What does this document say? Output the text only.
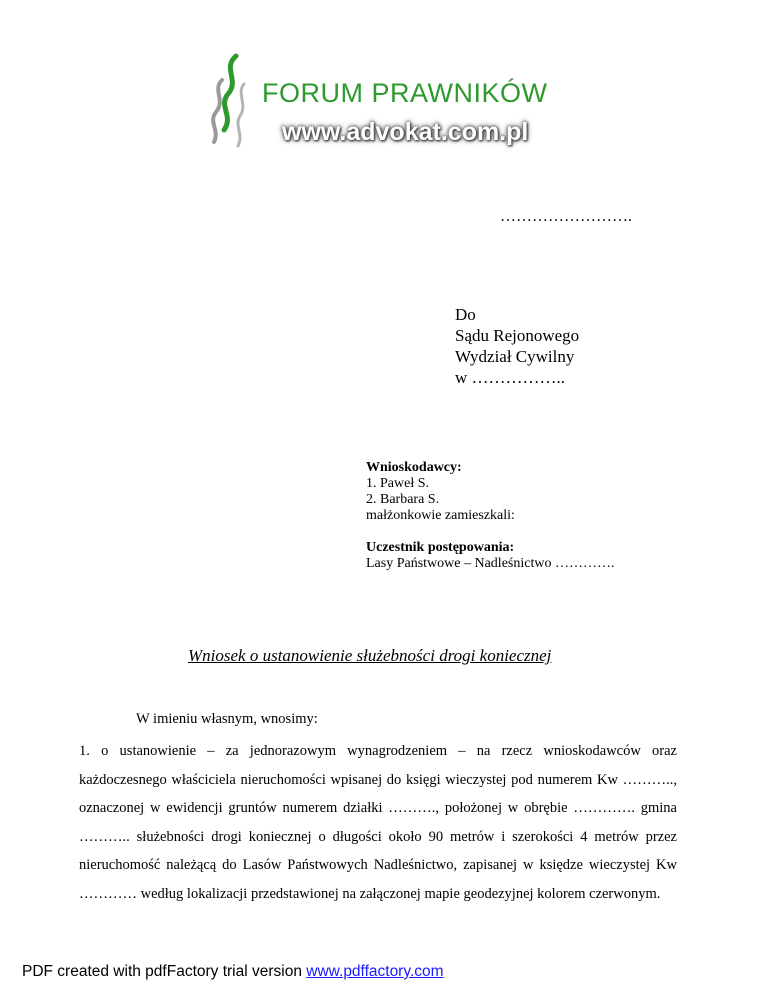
FORUM PRAWNIKÓW
www.advokat.com.pl
…………………….
Do
Sądu Rejonowego
Wydział Cywilny
w ……………..
Wnioskodawcy:
1. Paweł S.
2. Barbara S.
małżonkowie zamieszkali:
Uczestnik postępowania:
Lasy Państwowe – Nadleśnictwo ………….
Wniosek o ustanowienie służebności drogi koniecznej
W imieniu własnym, wnosimy:
1. o ustanowienie – za jednorazowym wynagrodzeniem – na rzecz wnioskodawców oraz każdoczesnego właściciela nieruchomości wpisanej do księgi wieczystej pod numerem Kw ……….., oznaczonej w ewidencji gruntów numerem działki ………., położonej w obrębie …………. gmina ……….. służebności drogi koniecznej o długości około 90 metrów i szerokości 4 metrów przez nieruchomość należącą do Lasów Państwowych Nadleśnictwo, zapisanej w księdze wieczystej Kw ………… według lokalizacji przedstawionej na załączonej mapie geodezyjnej kolorem czerwonym.
PDF created with pdfFactory trial version www.pdffactory.com
